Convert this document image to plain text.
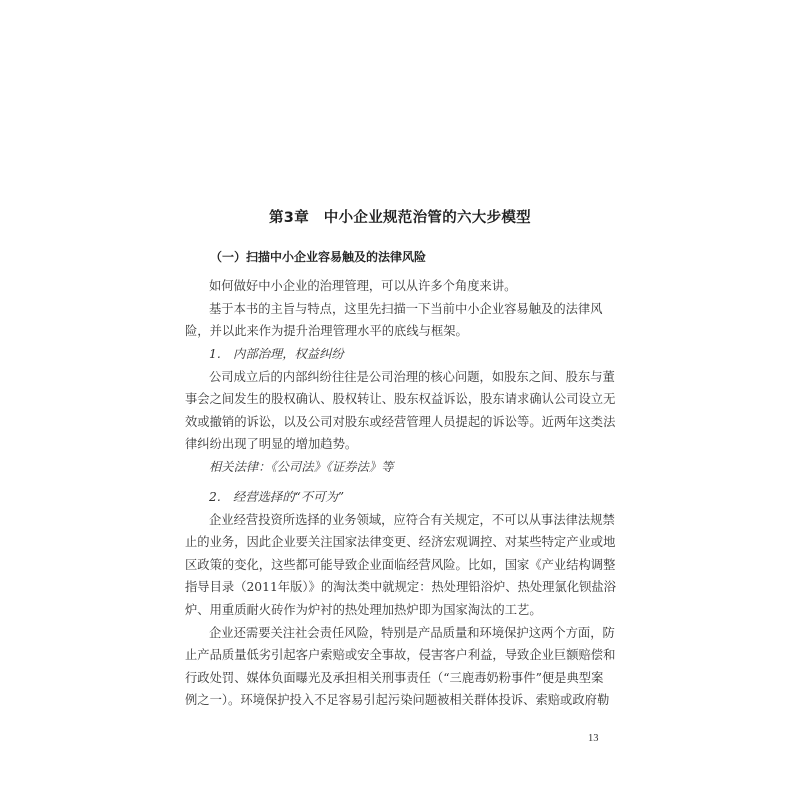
第3章　中小企业规范治管的六大步模型
（一）扫描中小企业容易触及的法律风险
如何做好中小企业的治理管理，可以从许多个角度来讲。
基于本书的主旨与特点，这里先扫描一下当前中小企业容易触及的法律风
险，并以此来作为提升治理管理水平的底线与框架。
1.　内部治理，权益纠纷
公司成立后的内部纠纷往往是公司治理的核心问题，如股东之间、股东与董
事会之间发生的股权确认、股权转让、股东权益诉讼，股东请求确认公司设立无
效或撤销的诉讼，以及公司对股东或经营管理人员提起的诉讼等。近两年这类法
律纠纷出现了明显的增加趋势。
相关法律：《公司法》《证券法》等
2.　经营选择的“不可为”
企业经营投资所选择的业务领域，应符合有关规定，不可以从事法律法规禁
止的业务，因此企业要关注国家法律变更、经济宏观调控、对某些特定产业或地
区政策的变化，这些都可能导致企业面临经营风险。比如，国家《产业结构调整
指导目录（2011年版）》的淘汰类中就规定：热处理铅浴炉、热处理氯化钡盐浴
炉、用重质耐火砖作为炉衬的热处理加热炉即为国家淘汰的工艺。
企业还需要关注社会责任风险，特别是产品质量和环境保护这两个方面，防
止产品质量低劣引起客户索赔或安全事故，侵害客户利益，导致企业巨额赔偿和
行政处罚、媒体负面曝光及承担相关刑事责任（“三鹿毒奶粉事件”便是典型案
例之一）。环境保护投入不足容易引起污染问题被相关群体投诉、索赔或政府勒
13
